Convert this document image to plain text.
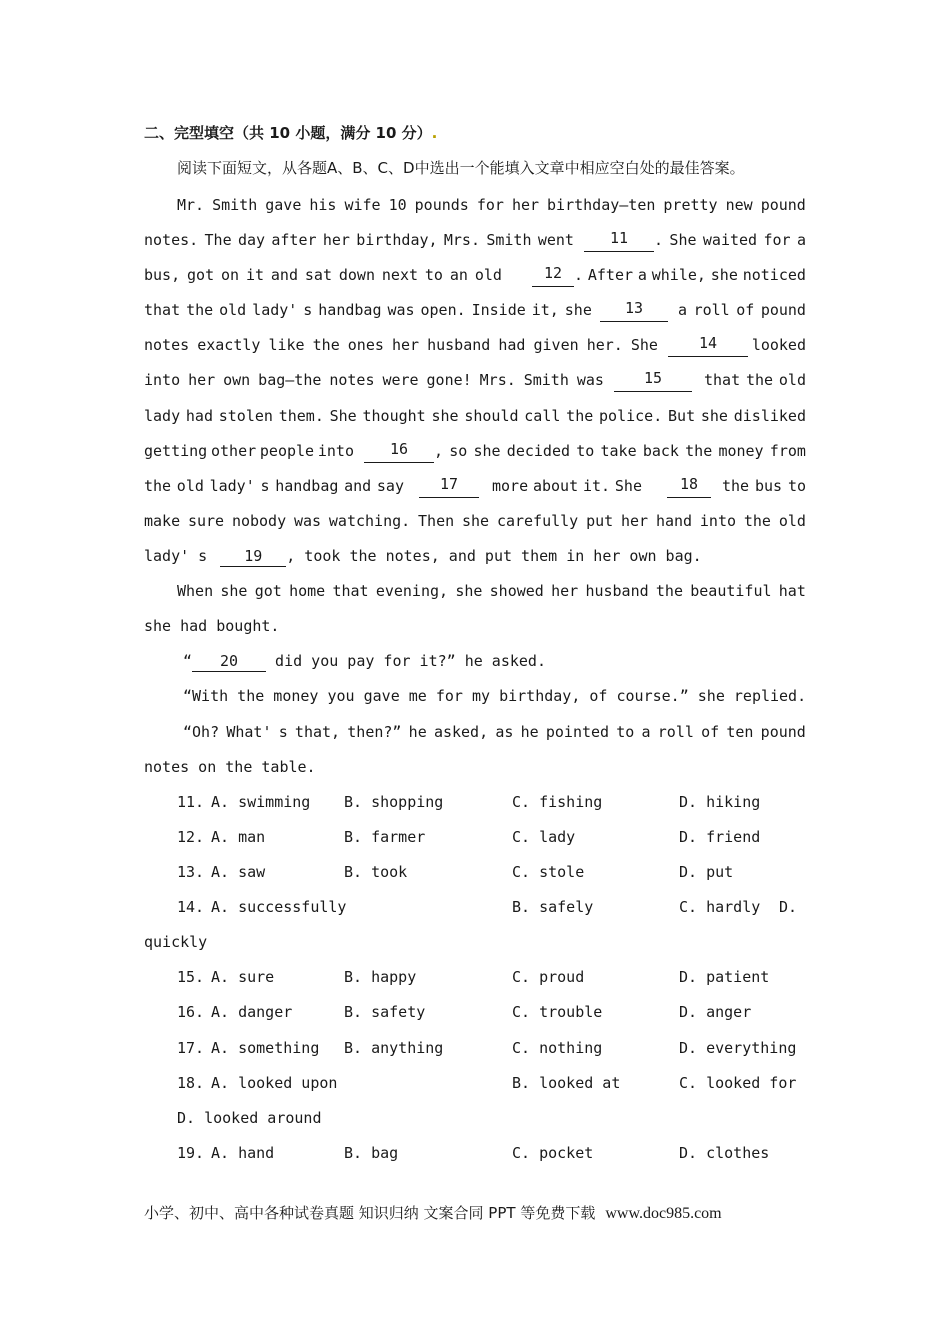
二、完型填空（共 10 小题，满分 10 分）.
阅读下面短文，从各题A、B、C、D中选出一个能填入文章中相应空白处的最佳答案。
Mr. Smith gave his wife 10 pounds for her birthday—ten pretty new pound
notes. The day after her birthday, Mrs. Smith went	11	. She waited for a
bus, got on it and sat down next to an old	12 . After a while, she noticed
that the old lady' s handbag was open. Inside it, she	13	a roll of pound
notes exactly like the ones her husband had given her. She	14	looked
into her own bag—the notes were gone! Mrs. Smith was	15	that the old
lady had stolen them. She thought she should call the police. But she disliked
getting other people into	16	, so she decided to take back the money from
the old lady' s handbag and say	17	more about it. She	18	the bus to
make sure nobody was watching. Then she carefully put her hand into the old
lady' s 19 , took the notes, and put them in her own bag.
When she got home that evening, she showed her husband the beautiful hat
she had bought.
“ 20 did you pay for it?” he asked.
“With the money you gave me for my birthday, of course.” she replied.
“Oh? What' s that, then?” he asked, as he pointed to a roll of ten pound
notes on the table.
11. A. swimming B. shopping	C. fishing	D. hiking
12. A. man	B. farmer	C. lady	D. friend
13. A. saw	B. took	C. stole	D. put
14. A. successfully	B. safely	C. hardly D.
quickly
15. A. sure	B. happy	C. proud	D. patient
16. A. danger	B. safety	C. trouble	D. anger
17. A. something B. anything	C. nothing	D. everything
18. A. looked upon	B. looked at	C. looked for
D. looked around
19. A. hand	B. bag	C. pocket	D. clothes
小学、初中、高中各种试卷真题 知识归纳 文案合同 PPT 等免费下载 www.doc985.com
